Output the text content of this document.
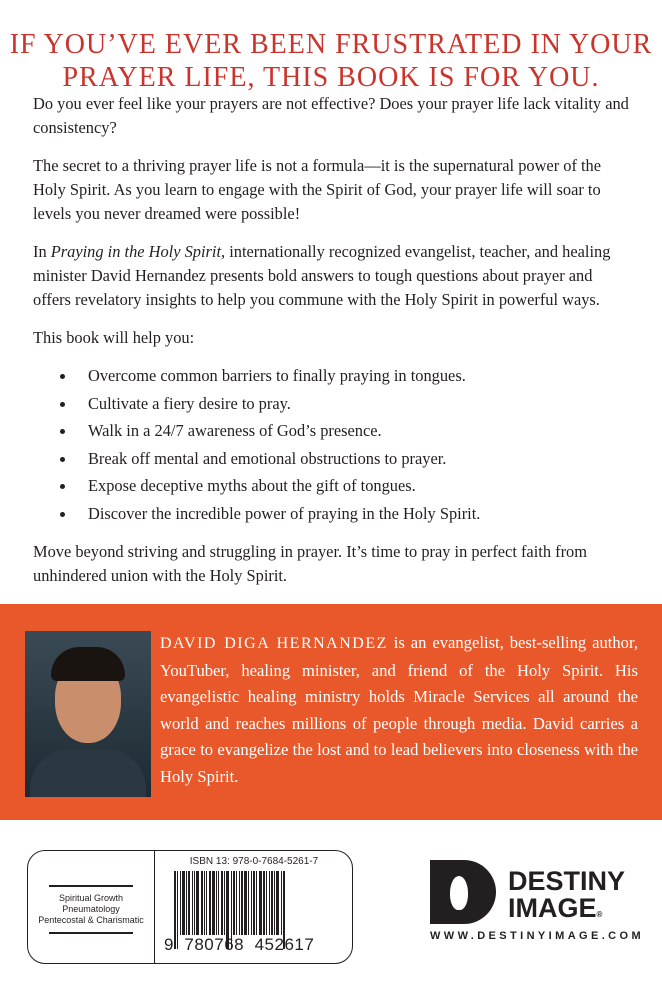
IF YOU’VE EVER BEEN FRUSTRATED IN YOUR
PRAYER LIFE, THIS BOOK IS FOR YOU.

Do you ever feel like your prayers are not effective? Does your prayer life lack vitality and consistency?

The secret to a thriving prayer life is not a formula—it is the supernatural power of the Holy Spirit. As you learn to engage with the Spirit of God, your prayer life will soar to levels you never dreamed were possible!

In Praying in the Holy Spirit, internationally recognized evangelist, teacher, and healing minister David Hernandez presents bold answers to tough questions about prayer and offers revelatory insights to help you commune with the Holy Spirit in powerful ways.

This book will help you:

Overcome common barriers to finally praying in tongues.
Cultivate a fiery desire to pray.
Walk in a 24/7 awareness of God’s presence.
Break off mental and emotional obstructions to prayer.
Expose deceptive myths about the gift of tongues.
Discover the incredible power of praying in the Holy Spirit.

Move beyond striving and struggling in prayer. It’s time to pray in perfect faith from unhindered union with the Holy Spirit.

DAVID DIGA HERNANDEZ is an evangelist, best-selling author, YouTuber, healing minister, and friend of the Holy Spirit. His evangelistic healing ministry holds Miracle Services all around the world and reaches millions of people through media. David carries a grace to evangelize the lost and to lead believers into closeness with the Holy Spirit.
Spiritual Growth
Pneumatology
Pentecostal & Charismatic
ISBN 13: 978-0-7684-5261-7
9  780768  452617
DESTINY
IMAGE®
WWW.DESTINYIMAGE.COM
